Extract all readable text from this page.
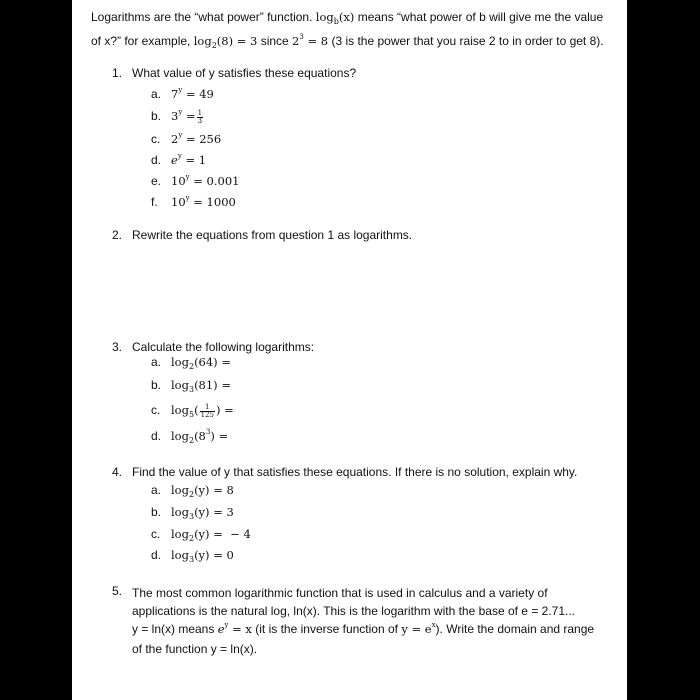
Logarithms are the “what power” function. $\log_b(x)$ means “what power of b will give me the value
of x?” for example, $\log_2(8) = 3$ since $2^3 = 8$ (3 is the power that you raise 2 to in order to get 8).
1. What value of y satisfies these equations?
a. $7^y = 49$
b. $3^y = \frac{1}{3}$
c. $2^y = 256$
d. $e^y = 1$
e. $10^y = 0.001$
f. $10^y = 1000$
2. Rewrite the equations from question 1 as logarithms.
3. Calculate the following logarithms:
a. $\log_2(64)$ =
b. $\log_3(81)$ =
c. $\log_5( \frac{1}{125}$ ) =
d. $\log_2(8^3)$ =
4. Find the value of y that satisfies these equations. If there is no solution, explain why.
a. $\log_2(y) = 8$
b. $\log_3(y) = 3$
c. $\log_2(y)$ =  − 4
d. $\log_3(y) = 0$
5. The most common logarithmic function that is used in calculus and a variety of
applications is the natural log, ln(x). This is the logarithm with the base of e = 2.71...
y = ln(x) means $e^y = x$ (it is the inverse function of $y = e^x$). Write the domain and range
of the function y = ln(x).
